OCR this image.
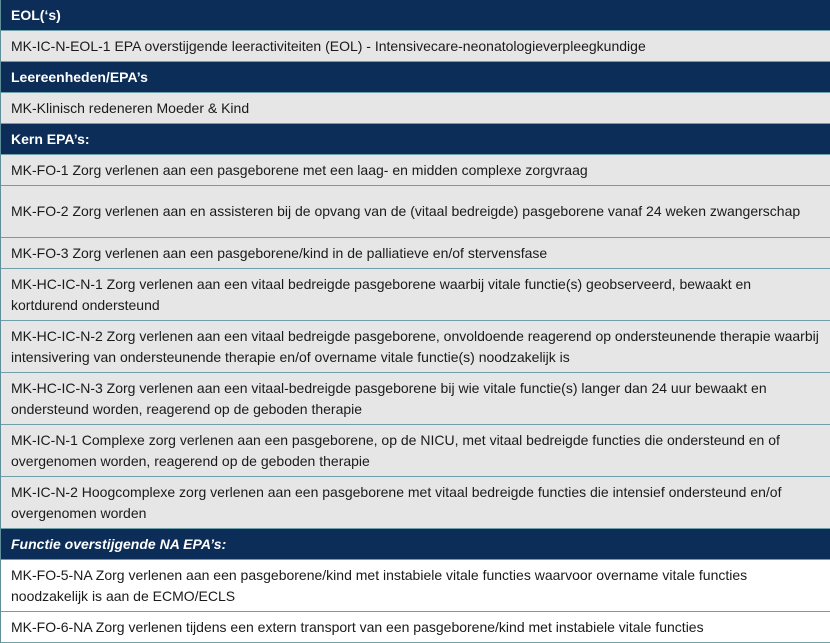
EOL(‘s)
MK-IC-N-EOL-1 EPA overstijgende leeractiviteiten (EOL) - Intensivecare-neonatologieverpleegkundige
Leereenheden/EPA’s
MK-Klinisch redeneren Moeder & Kind
Kern EPA’s:
MK-FO-1 Zorg verlenen aan een pasgeborene met een laag- en midden complexe zorgvraag
MK-FO-2 Zorg verlenen aan en assisteren bij de opvang van de (vitaal bedreigde) pasgeborene vanaf 24 weken zwangerschap
MK-FO-3 Zorg verlenen aan een pasgeborene/kind in de palliatieve en/of stervensfase
MK-HC-IC-N-1 Zorg verlenen aan een vitaal bedreigde pasgeborene waarbij vitale functie(s) geobserveerd, bewaakt en kortdurend ondersteund
MK-HC-IC-N-2 Zorg verlenen aan een vitaal bedreigde pasgeborene, onvoldoende reagerend op ondersteunende therapie waarbij intensivering van ondersteunende therapie en/of overname vitale functie(s) noodzakelijk is
MK-HC-IC-N-3 Zorg verlenen aan een vitaal-bedreigde pasgeborene bij wie vitale functie(s) langer dan 24 uur bewaakt en ondersteund worden, reagerend op de geboden therapie
MK-IC-N-1 Complexe zorg verlenen aan een pasgeborene, op de NICU, met vitaal bedreigde functies die ondersteund en of overgenomen worden, reagerend op de geboden therapie
MK-IC-N-2 Hoogcomplexe zorg verlenen aan een pasgeborene met vitaal bedreigde functies die intensief ondersteund en/of overgenomen worden
Functie overstijgende NA EPA’s:
MK-FO-5-NA Zorg verlenen aan een pasgeborene/kind met instabiele vitale functies waarvoor overname vitale functies noodzakelijk is aan de ECMO/ECLS
MK-FO-6-NA Zorg verlenen tijdens een extern transport van een pasgeborene/kind met instabiele vitale functies
